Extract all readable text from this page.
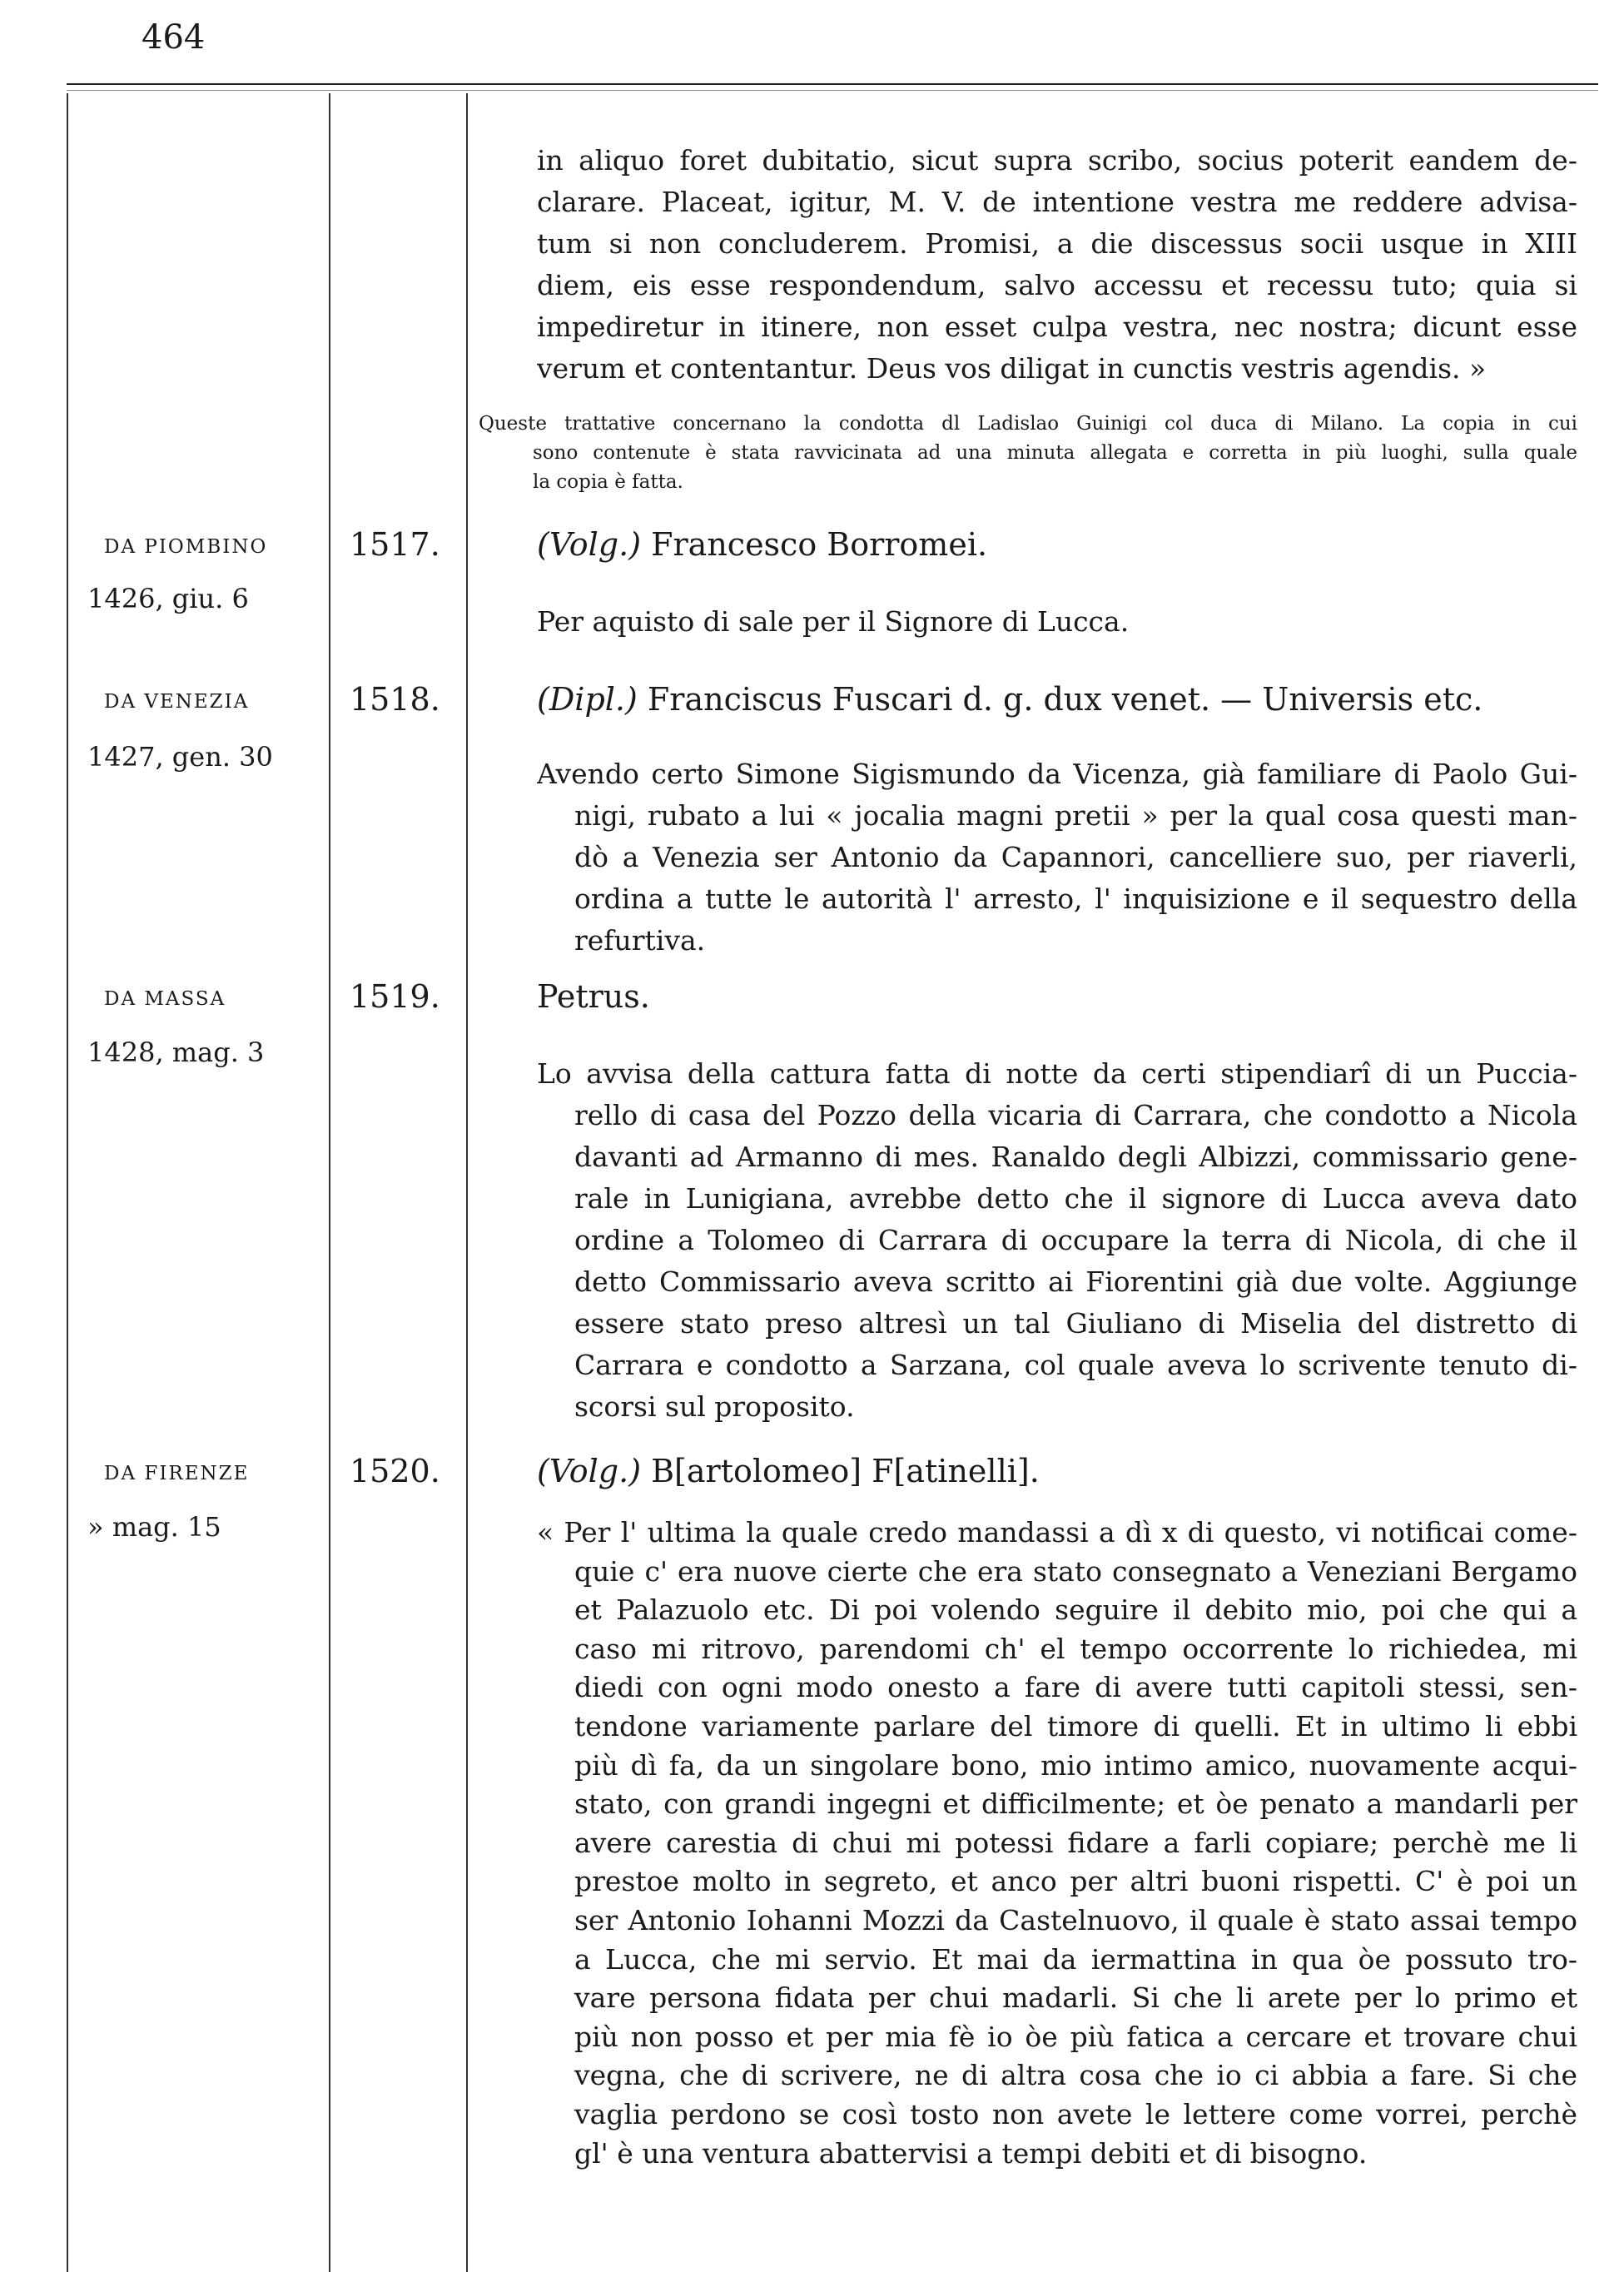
464
in aliquo foret dubitatio, sicut supra scribo, socius poterit eandem de-
clarare. Placeat, igitur, M. V. de intentione vestra me reddere advisa-
tum si non concluderem. Promisi, a die discessus socii usque in XIII
diem, eis esse respondendum, salvo accessu et recessu tuto; quia si
impediretur in itinere, non esset culpa vestra, nec nostra; dicunt esse
verum et contentantur. Deus vos diligat in cunctis vestris agendis. »
Queste trattative concernano la condotta dl Ladislao Guinigi col duca di Milano. La copia in cui
sono contenute è stata ravvicinata ad una minuta allegata e corretta in più luoghi, sulla quale
la copia è fatta.
DA PIOMBINO
1426, giu. 6
1517.	(Volg.) Francesco Borromei.
Per aquisto di sale per il Signore di Lucca.
DA VENEZIA
1427, gen. 30
1518.	(Dipl.) Franciscus Fuscari d. g. dux venet. — Universis etc.
Avendo certo Simone Sigismundo da Vicenza, già familiare di Paolo Gui-
nigi, rubato a lui « jocalia magni pretii » per la qual cosa questi man-
dò a Venezia ser Antonio da Capannori, cancelliere suo, per riaverli,
ordina a tutte le autorità l' arresto, l' inquisizione e il sequestro della
refurtiva.
DA MASSA
1428, mag. 3
1519.	Petrus.
Lo avvisa della cattura fatta di notte da certi stipendiarî di un Puccia-
rello di casa del Pozzo della vicaria di Carrara, che condotto a Nicola
davanti ad Armanno di mes. Ranaldo degli Albizzi, commissario gene-
rale in Lunigiana, avrebbe detto che il signore di Lucca aveva dato
ordine a Tolomeo di Carrara di occupare la terra di Nicola, di che il
detto Commissario aveva scritto ai Fiorentini già due volte. Aggiunge
essere stato preso altresì un tal Giuliano di Miselia del distretto di
Carrara e condotto a Sarzana, col quale aveva lo scrivente tenuto di-
scorsi sul proposito.
DA FIRENZE
» mag. 15
1520.	(Volg.) B[artolomeo] F[atinelli].
« Per l' ultima la quale credo mandassi a dì x di questo, vi notificai come-
quie c' era nuove cierte che era stato consegnato a Veneziani Bergamo
et Palazuolo etc. Di poi volendo seguire il debito mio, poi che qui a
caso mi ritrovo, parendomi ch' el tempo occorrente lo richiedea, mi
diedi con ogni modo onesto a fare di avere tutti capitoli stessi, sen-
tendone variamente parlare del timore di quelli. Et in ultimo li ebbi
più dì fa, da un singolare bono, mio intimo amico, nuovamente acqui-
stato, con grandi ingegni et difficilmente; et òe penato a mandarli per
avere carestia di chui mi potessi fidare a farli copiare; perchè me li
prestoe molto in segreto, et anco per altri buoni rispetti. C' è poi un
ser Antonio Iohanni Mozzi da Castelnuovo, il quale è stato assai tempo
a Lucca, che mi servio. Et mai da iermattina in qua òe possuto tro-
vare persona fidata per chui madarli. Si che li arete per lo primo et
più non posso et per mia fè io òe più fatica a cercare et trovare chui
vegna, che di scrivere, ne di altra cosa che io ci abbia a fare. Si che
vaglia perdono se così tosto non avete le lettere come vorrei, perchè
gl' è una ventura abattervisi a tempi debiti et di bisogno.
